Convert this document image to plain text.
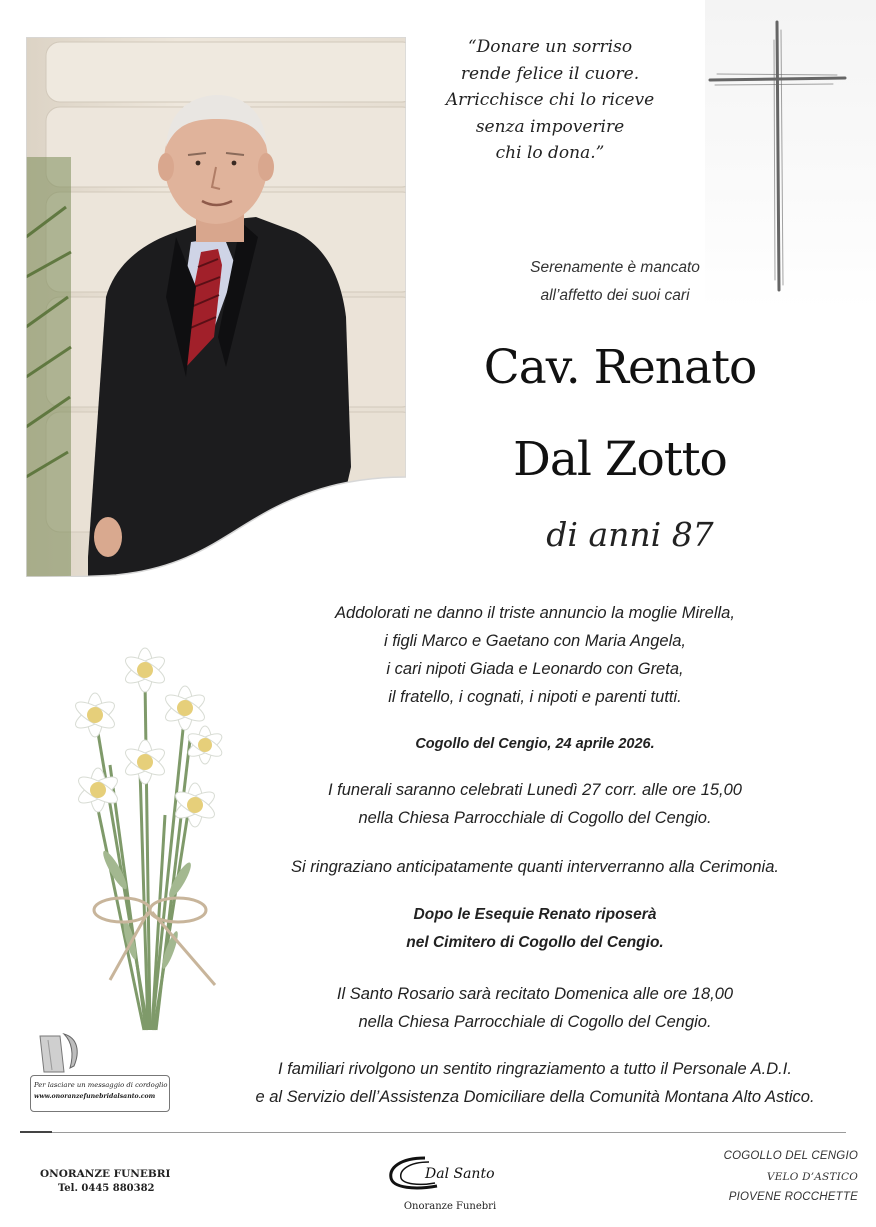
“Donare un sorriso
rende felice il cuore.
Arricchisce chi lo riceve
senza impoverire
chi lo dona.”
Serenamente è mancato
all’affetto dei suoi cari
Cav. Renato
Dal Zotto
di anni 87
Addolorati ne danno il triste annuncio la moglie Mirella,
i figli Marco e Gaetano con Maria Angela,
i cari nipoti Giada e Leonardo con Greta,
il fratello, i cognati, i nipoti e parenti tutti.
Cogollo del Cengio, 24 aprile 2026.
I funerali saranno celebrati Lunedì 27 corr. alle ore 15,00
nella Chiesa Parrocchiale di Cogollo del Cengio.
Si ringraziano anticipatamente quanti interverranno alla Cerimonia.
Dopo le Esequie Renato riposerà
nel Cimitero di Cogollo del Cengio.
Il Santo Rosario sarà recitato Domenica alle ore 18,00
nella Chiesa Parrocchiale di Cogollo del Cengio.
I familiari rivolgono un sentito ringraziamento a tutto il Personale A.D.I.
e al Servizio dell’Assistenza Domiciliare della Comunità Montana Alto Astico.
Per lasciare un messaggio di cordoglio
www.onoranzefunebridalsanto.com
ONORANZE FUNEBRI
Tel. 0445 880382
Dal Santo
Onoranze Funebri
COGOLLO DEL CENGIO
VELO D’ASTICO
PIOVENE ROCCHETTE
